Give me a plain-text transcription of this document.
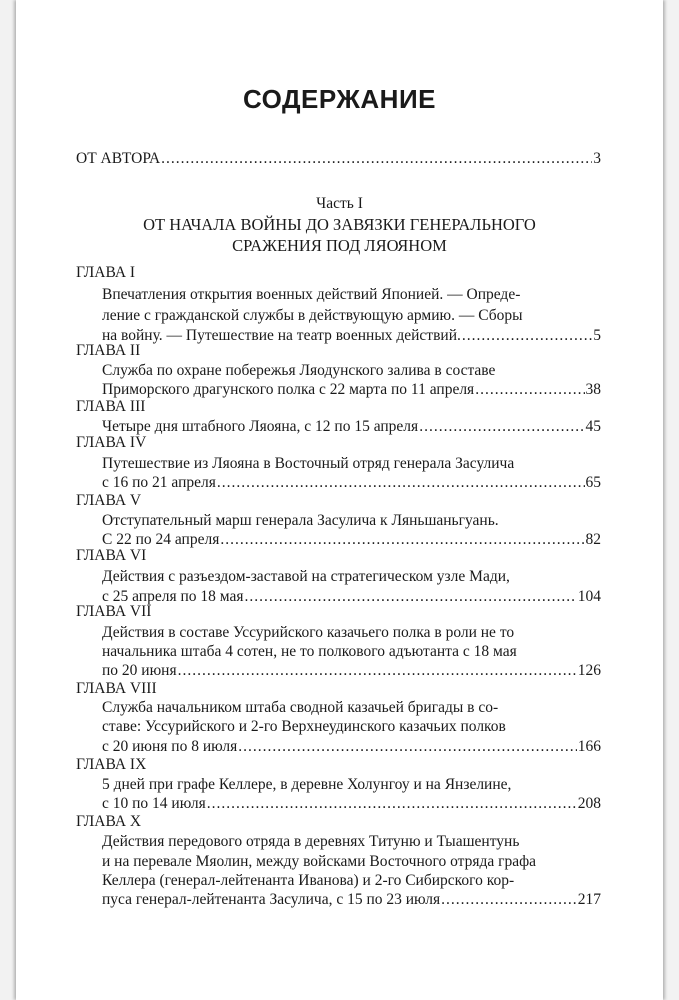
СОДЕРЖАНИЕ
ОТ АВТОРА .....	3
Часть I
ОТ НАЧАЛА ВОЙНЫ ДО ЗАВЯЗКИ ГЕНЕРАЛЬНОГО
СРАЖЕНИЯ ПОД ЛЯОЯНОМ
ГЛАВА I
Впечатления открытия военных действий Японией. — Опреде-
ление с гражданской службы в действующую армию. — Сборы
на войну. — Путешествие на театр военных действий. .....	5
ГЛАВА II
Служба по охране побережья Ляодунского залива в составе
Приморского драгунского полка с 22 марта по 11 апреля .....	38
ГЛАВА III
Четыре дня штабного Ляояна, с 12 по 15 апреля .....	45
ГЛАВА IV
Путешествие из Ляояна в Восточный отряд генерала Засулича
с 16 по 21 апреля .....	65
ГЛАВА V
Отступательный марш генерала Засулича к Ляньшаньгуань.
С 22 по 24 апреля .....	82
ГЛАВА VI
Действия с разъездом-заставой на стратегическом узле Мади,
с 25 апреля по 18 мая .....	104
ГЛАВА VII
Действия в составе Уссурийского казачьего полка в роли не то
начальника штаба 4 сотен, не то полкового адъютанта с 18 мая
по 20 июня .....	126
ГЛАВА VIII
Служба начальником штаба сводной казачьей бригады в со-
ставе: Уссурийского и 2-го Верхнеудинского казачьих полков
с 20 июня по 8 июля .....	166
ГЛАВА IX
5 дней при графе Келлере, в деревне Холунгоу и на Янзелине,
с 10 по 14 июля .....	208
ГЛАВА X
Действия передового отряда в деревнях Титуню и Тыашентунь
и на перевале Мяолин, между войсками Восточного отряда графа
Келлера (генерал-лейтенанта Иванова) и 2-го Сибирского кор-
пуса генерал-лейтенанта Засулича, с 15 по 23 июля .....	217
